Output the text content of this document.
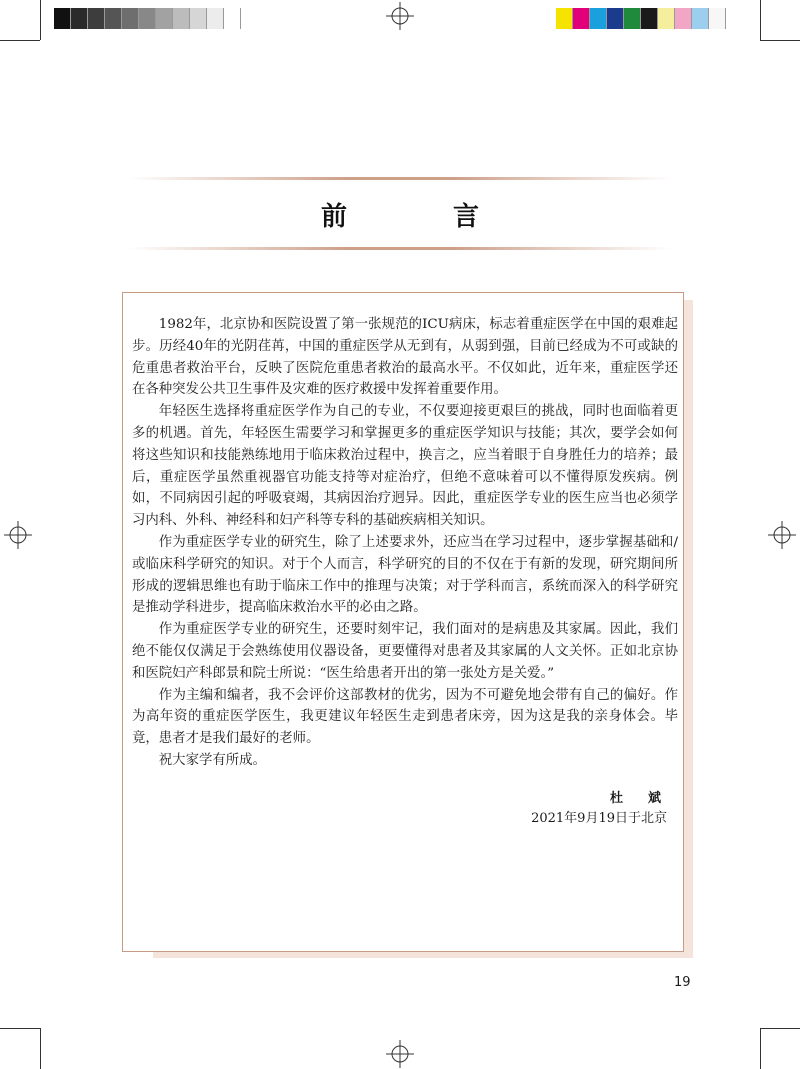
前　言

1982年，北京协和医院设置了第一张规范的ICU病床，标志着重症医学在中国的艰难起步。历经40年的光阴荏苒，中国的重症医学从无到有，从弱到强，目前已经成为不可或缺的危重患者救治平台，反映了医院危重患者救治的最高水平。不仅如此，近年来，重症医学还在各种突发公共卫生事件及灾难的医疗救援中发挥着重要作用。

年轻医生选择将重症医学作为自己的专业，不仅要迎接更艰巨的挑战，同时也面临着更多的机遇。首先，年轻医生需要学习和掌握更多的重症医学知识与技能；其次，要学会如何将这些知识和技能熟练地用于临床救治过程中，换言之，应当着眼于自身胜任力的培养；最后，重症医学虽然重视器官功能支持等对症治疗，但绝不意味着可以不懂得原发疾病。例如，不同病因引起的呼吸衰竭，其病因治疗迥异。因此，重症医学专业的医生应当也必须学习内科、外科、神经科和妇产科等专科的基础疾病相关知识。

作为重症医学专业的研究生，除了上述要求外，还应当在学习过程中，逐步掌握基础和/或临床科学研究的知识。对于个人而言，科学研究的目的不仅在于有新的发现，研究期间所形成的逻辑思维也有助于临床工作中的推理与决策；对于学科而言，系统而深入的科学研究是推动学科进步，提高临床救治水平的必由之路。

作为重症医学专业的研究生，还要时刻牢记，我们面对的是病患及其家属。因此，我们绝不能仅仅满足于会熟练使用仪器设备，更要懂得对患者及其家属的人文关怀。正如北京协和医院妇产科郎景和院士所说：“医生给患者开出的第一张处方是关爱。”

作为主编和编者，我不会评价这部教材的优劣，因为不可避免地会带有自己的偏好。作为高年资的重症医学医生，我更建议年轻医生走到患者床旁，因为这是我的亲身体会。毕竟，患者才是我们最好的老师。

祝大家学有所成。

杜　斌
2021年9月19日于北京
19
